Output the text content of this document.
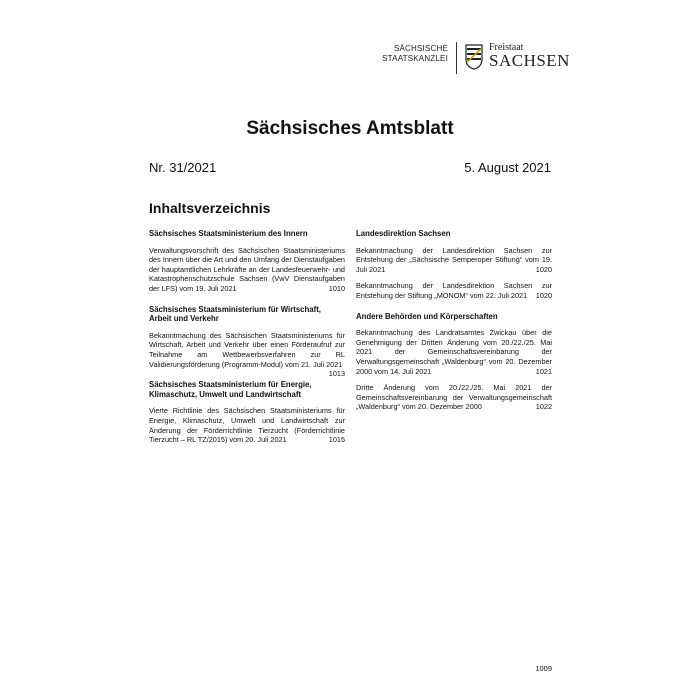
SÄCHSISCHE
STAATSKANZLEI
Freistaat
SACHSEN
Sächsisches Amtsblatt
Nr. 31/2021	5. August 2021
Inhaltsverzeichnis
Sächsisches Staatsministerium des Innern
Verwaltungsvorschrift des Sächsischen Staatsministeriums des Innern über die Art und den Umfang der Dienstaufgaben der hauptamtlichen Lehrkräfte an der Landesfeuerwehr- und Katastrophenschutzschule Sachsen (VwV Dienstaufgaben der LFS) vom 19. Juli 2021	1010
Sächsisches Staatsministerium für Wirtschaft, Arbeit und Verkehr
Bekanntmachung des Sächsischen Staatsministeriums für Wirtschaft, Arbeit und Verkehr über einen Förderaufruf zur Teilnahme am Wettbewerbsverfahren zur RL Validierungsförderung (Programm-Modul) vom 21. Juli 2021
1013
Sächsisches Staatsministerium für Energie, Klimaschutz, Umwelt und Landwirtschaft
Vierte Richtlinie des Sächsischen Staatsministeriums für Energie, Klimaschutz, Umwelt und Landwirtschaft zur Änderung der Förderrichtlinie Tierzucht (Förderrichtlinie Tierzucht – RL TZ/2015) vom 20. Juli 2021	1015
Landesdirektion Sachsen
Bekanntmachung der Landesdirektion Sachsen zur Entstehung der „Sächsische Semperoper Stiftung“ vom 19. Juli 2021	1020
Bekanntmachung der Landesdirektion Sachsen zur Entstehung der Stiftung „MONOM“ vom 22. Juli 2021 1020
Andere Behörden und Körperschaften
Bekanntmachung des Landratsamtes Zwickau über die Genehmigung der Dritten Änderung vom 20./22./25. Mai 2021 der Gemeinschaftsvereinbarung der Verwaltungsgemeinschaft „Waldenburg“ vom 20. Dezember 2000 vom 14. Juli 2021	1021
Dritte Änderung vom 20./22./25. Mai 2021 der Gemeinschaftsvereinbarung der Verwaltungsgemeinschaft „Waldenburg“ vom 20. Dezember 2000	1022
1009
